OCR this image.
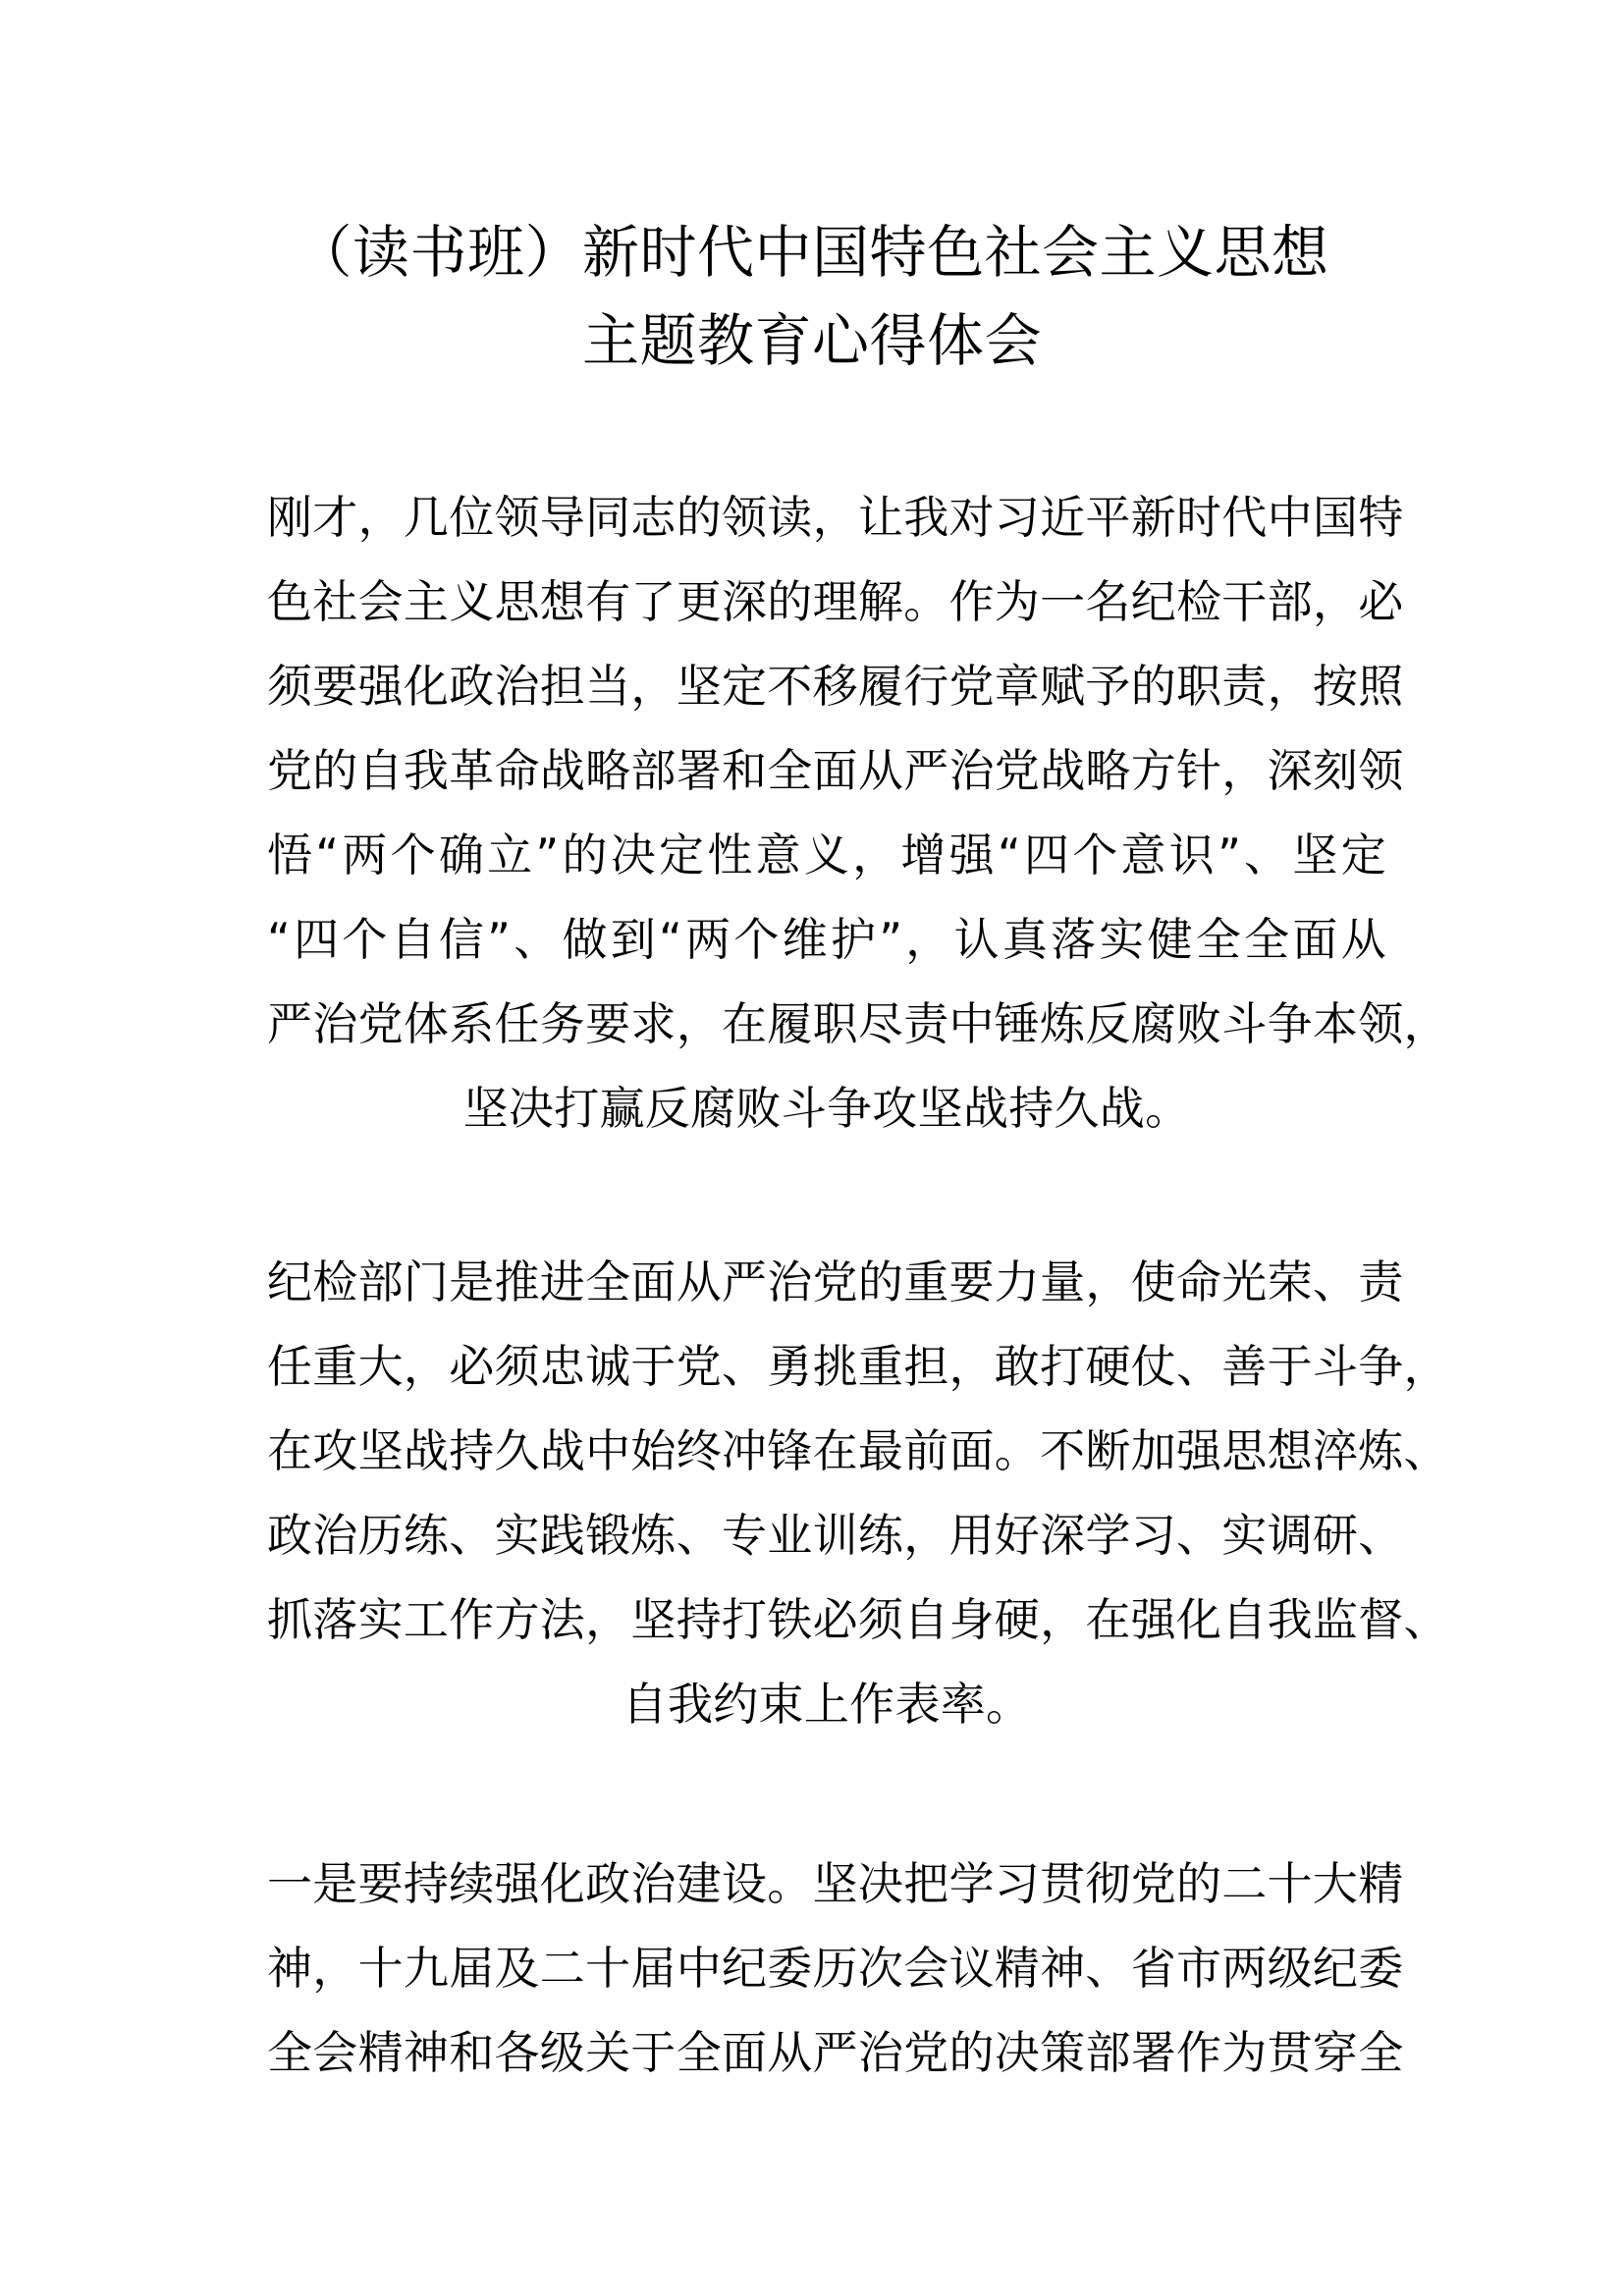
（读书班）新时代中国特色社会主义思想
主题教育心得体会
刚才，几位领导同志的领读，让我对习近平新时代中国特
色社会主义思想有了更深的理解。作为一名纪检干部，必
须要强化政治担当，坚定不移履行党章赋予的职责，按照
党的自我革命战略部署和全面从严治党战略方针，深刻领
悟“两个确立”的决定性意义，增强“四个意识”、坚定
“四个自信”、做到“两个维护”，认真落实健全全面从
严治党体系任务要求，在履职尽责中锤炼反腐败斗争本领，
坚决打赢反腐败斗争攻坚战持久战。
纪检部门是推进全面从严治党的重要力量，使命光荣、责
任重大，必须忠诚于党、勇挑重担，敢打硬仗、善于斗争，
在攻坚战持久战中始终冲锋在最前面。不断加强思想淬炼、
政治历练、实践锻炼、专业训练，用好深学习、实调研、
抓落实工作方法，坚持打铁必须自身硬，在强化自我监督、
自我约束上作表率。
一是要持续强化政治建设。坚决把学习贯彻党的二十大精
神，十九届及二十届中纪委历次会议精神、省市两级纪委
全会精神和各级关于全面从严治党的决策部署作为贯穿全
